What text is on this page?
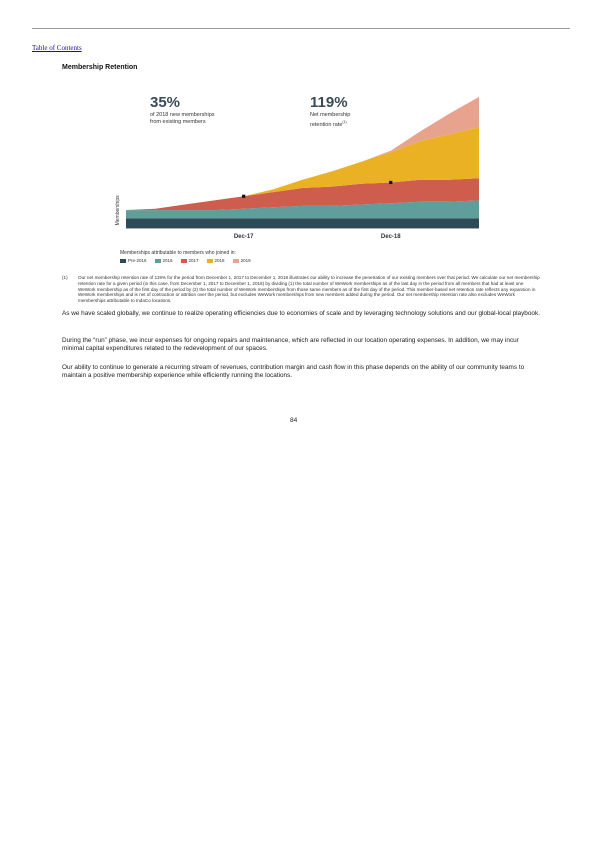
Table of Contents
Membership Retention
Dec-17	Dec-18
Memberships
35%
of 2018 new memberships
from existing members
119%
Net membership
retention rate$^{(1)}$
Memberships attributable to members who joined in:
Pre-2016	2016	2017	2018	2019
(1)	Our net membership retention rate of 119% for the period from December 1, 2017 to December 1, 2018 illustrates our ability to increase the penetration of our existing members over that period. We calculate our net membership retention rate for a given period (in this case, from December 1, 2017 to December 1, 2018) by dividing (1) the total number of WeWork memberships as of the last day in the period from all members that had at least one WeWork membership as of the first day of the period by (2) the total number of WeWork memberships from those same members as of the first day of the period. This member-based net retention rate reflects any expansion in WeWork memberships and is net of contraction or attrition over the period, but excludes WeWork memberships from new members added during the period. Our net membership retention rate also excludes WeWork memberships attributable to IndaCo locations.

As we have scaled globally, we continue to realize operating efficiencies due to economies of scale and by leveraging technology solutions and our global-local playbook.

During the “run” phase, we incur expenses for ongoing repairs and maintenance, which are reflected in our location operating expenses. In addition, we may incur minimal capital expenditures related to the redevelopment of our spaces.

Our ability to continue to generate a recurring stream of revenues, contribution margin and cash flow in this phase depends on the ability of our community teams to maintain a positive membership experience while efficiently running the locations.

84
